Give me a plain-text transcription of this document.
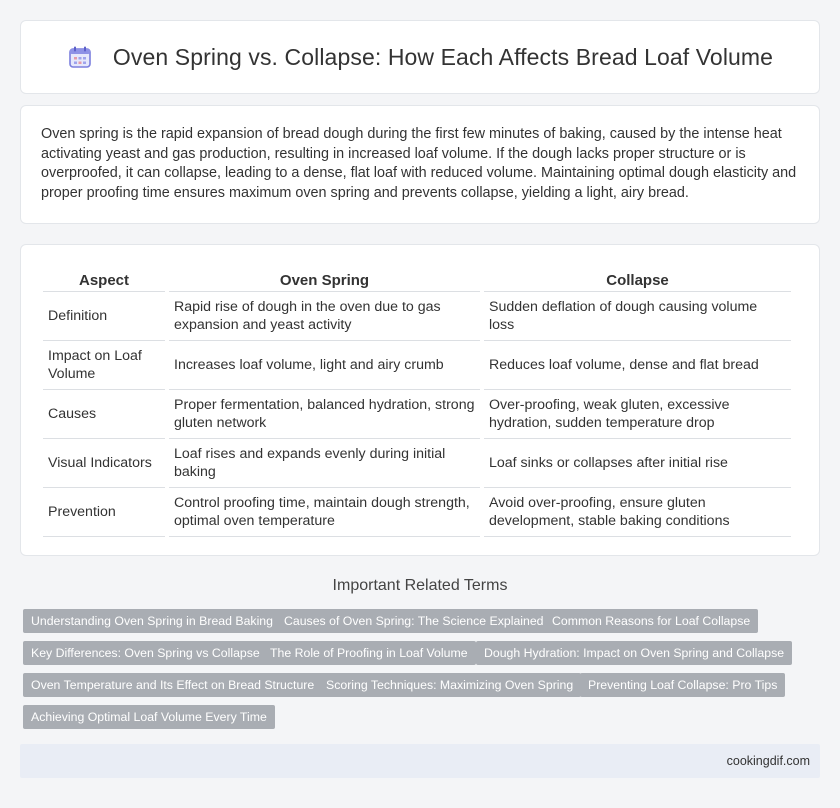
Oven Spring vs. Collapse: How Each Affects Bread Loaf Volume

Oven spring is the rapid expansion of bread dough during the first few minutes of baking, caused by the intense heat activating yeast and gas production, resulting in increased loaf volume. If the dough lacks proper structure or is overproofed, it can collapse, leading to a dense, flat loaf with reduced volume. Maintaining optimal dough elasticity and proper proofing time ensures maximum oven spring and prevents collapse, yielding a light, airy bread.

Aspect	Oven Spring	Collapse
Definition	Rapid rise of dough in the oven due to gas expansion and yeast activity	Sudden deflation of dough causing volume loss
Impact on Loaf Volume	Increases loaf volume, light and airy crumb	Reduces loaf volume, dense and flat bread
Causes	Proper fermentation, balanced hydration, strong gluten network	Over-proofing, weak gluten, excessive hydration, sudden temperature drop
Visual Indicators	Loaf rises and expands evenly during initial baking	Loaf sinks or collapses after initial rise
Prevention	Control proofing time, maintain dough strength, optimal oven temperature	Avoid over-proofing, ensure gluten development, stable baking conditions
Important Related Terms
Understanding Oven Spring in Bread Baking Causes of Oven Spring: The Science Explained Common Reasons for Loaf Collapse
Key Differences: Oven Spring vs Collapse The Role of Proofing in Loaf Volume	Dough Hydration: Impact on Oven Spring and Collapse
Oven Temperature and Its Effect on Bread Structure Scoring Techniques: Maximizing Oven Spring	Preventing Loaf Collapse: Pro Tips
Achieving Optimal Loaf Volume Every Time
cookingdif.com
